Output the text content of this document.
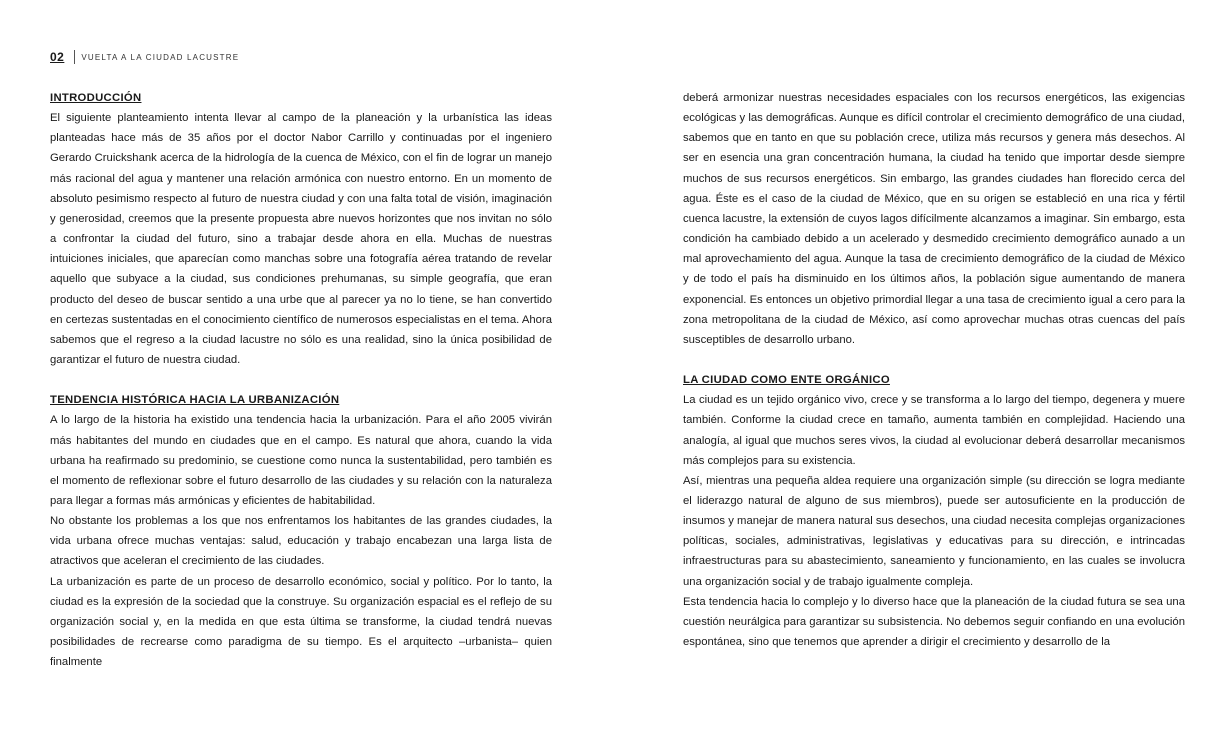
02	VUELTA A LA CIUDAD LACUSTRE
INTRODUCCIÓN

El siguiente planteamiento intenta llevar al campo de la planeación y la urbanística las ideas planteadas hace más de 35 años por el doctor Nabor Carrillo y continuadas por el ingeniero Gerardo Cruickshank acerca de la hidrología de la cuenca de México, con el fin de lograr un manejo más racional del agua y mantener una relación armónica con nuestro entorno. En un momento de absoluto pesimismo respecto al futuro de nuestra ciudad y con una falta total de visión, imaginación y generosidad, creemos que la presente propuesta abre nuevos horizontes que nos invitan no sólo a confrontar la ciudad del futuro, sino a trabajar desde ahora en ella. Muchas de nuestras intuiciones iniciales, que aparecían como manchas sobre una fotografía aérea tratando de revelar aquello que subyace a la ciudad, sus condiciones prehumanas, su simple geografía, que eran producto del deseo de buscar sentido a una urbe que al parecer ya no lo tiene, se han convertido en certezas sustentadas en el conocimiento científico de numerosos especialistas en el tema. Ahora sabemos que el regreso a la ciudad lacustre no sólo es una realidad, sino la única posibilidad de garantizar el futuro de nuestra ciudad.

TENDENCIA HISTÓRICA HACIA LA URBANIZACIÓN

A lo largo de la historia ha existido una tendencia hacia la urbanización. Para el año 2005 vivirán más habitantes del mundo en ciudades que en el campo. Es natural que ahora, cuando la vida urbana ha reafirmado su predominio, se cuestione como nunca la sustentabilidad, pero también es el momento de reflexionar sobre el futuro desarrollo de las ciudades y su relación con la naturaleza para llegar a formas más armónicas y eficientes de habitabilidad.

No obstante los problemas a los que nos enfrentamos los habitantes de las grandes ciudades, la vida urbana ofrece muchas ventajas: salud, educación y trabajo encabezan una larga lista de atractivos que aceleran el crecimiento de las ciudades.

La urbanización es parte de un proceso de desarrollo económico, social y político. Por lo tanto, la ciudad es la expresión de la sociedad que la construye. Su organización espacial es el reflejo de su organización social y, en la medida en que esta última se transforme, la ciudad tendrá nuevas posibilidades de recrearse como paradigma de su tiempo. Es el arquitecto –urbanista– quien finalmente

deberá armonizar nuestras necesidades espaciales con los recursos energéticos, las exigencias ecológicas y las demográficas. Aunque es difícil controlar el crecimiento demográfico de una ciudad, sabemos que en tanto en que su población crece, utiliza más recursos y genera más desechos. Al ser en esencia una gran concentración humana, la ciudad ha tenido que importar desde siempre muchos de sus recursos energéticos. Sin embargo, las grandes ciudades han florecido cerca del agua. Éste es el caso de la ciudad de México, que en su origen se estableció en una rica y fértil cuenca lacustre, la extensión de cuyos lagos difícilmente alcanzamos a imaginar. Sin embargo, esta condición ha cambiado debido a un acelerado y desmedido crecimiento demográfico aunado a un mal aprovechamiento del agua. Aunque la tasa de crecimiento demográfico de la ciudad de México y de todo el país ha disminuido en los últimos años, la población sigue aumentando de manera exponencial. Es entonces un objetivo primordial llegar a una tasa de crecimiento igual a cero para la zona metropolitana de la ciudad de México, así como aprovechar muchas otras cuencas del país susceptibles de desarrollo urbano.

LA CIUDAD COMO ENTE ORGÁNICO

La ciudad es un tejido orgánico vivo, crece y se transforma a lo largo del tiempo, degenera y muere también. Conforme la ciudad crece en tamaño, aumenta también en complejidad. Haciendo una analogía, al igual que muchos seres vivos, la ciudad al evolucionar deberá desarrollar mecanismos más complejos para su existencia.

Así, mientras una pequeña aldea requiere una organización simple (su dirección se logra mediante el liderazgo natural de alguno de sus miembros), puede ser autosuficiente en la producción de insumos y manejar de manera natural sus desechos, una ciudad necesita complejas organizaciones políticas, sociales, administrativas, legislativas y educativas para su dirección, e intrincadas infraestructuras para su abastecimiento, saneamiento y funcionamiento, en las cuales se involucra una organización social y de trabajo igualmente compleja.

Esta tendencia hacia lo complejo y lo diverso hace que la planeación de la ciudad futura se sea una cuestión neurálgica para garantizar su subsistencia. No debemos seguir confiando en una evolución espontánea, sino que tenemos que aprender a dirigir el crecimiento y desarrollo de la
